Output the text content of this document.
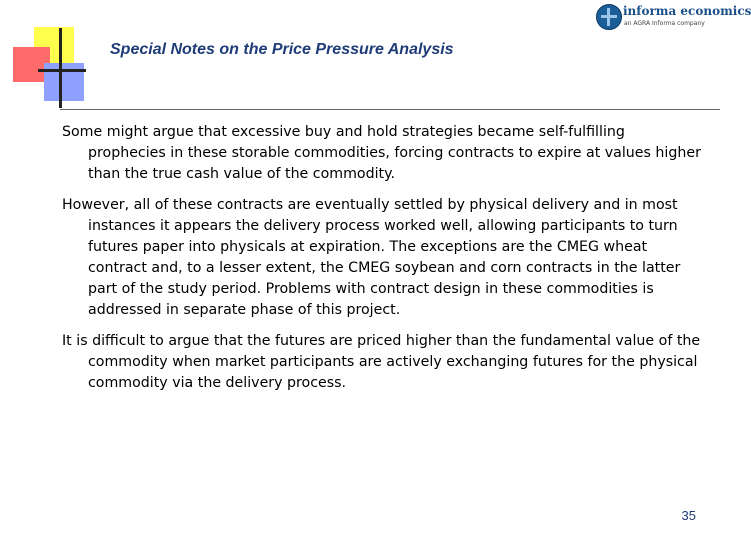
Special Notes on the Price Pressure Analysis
informa economics
an AGRA Informa company

Some might argue that excessive buy and hold strategies became self-fulfilling prophecies in these storable commodities, forcing contracts to expire at values higher than the true cash value of the commodity.

However, all of these contracts are eventually settled by physical delivery and in most instances it appears the delivery process worked well, allowing participants to turn futures paper into physicals at expiration. The exceptions are the CMEG wheat contract and, to a lesser extent, the CMEG soybean and corn contracts in the latter part of the study period. Problems with contract design in these commodities is addressed in separate phase of this project.

It is difficult to argue that the futures are priced higher than the fundamental value of the commodity when market participants are actively exchanging futures for the physical commodity via the delivery process.

35
